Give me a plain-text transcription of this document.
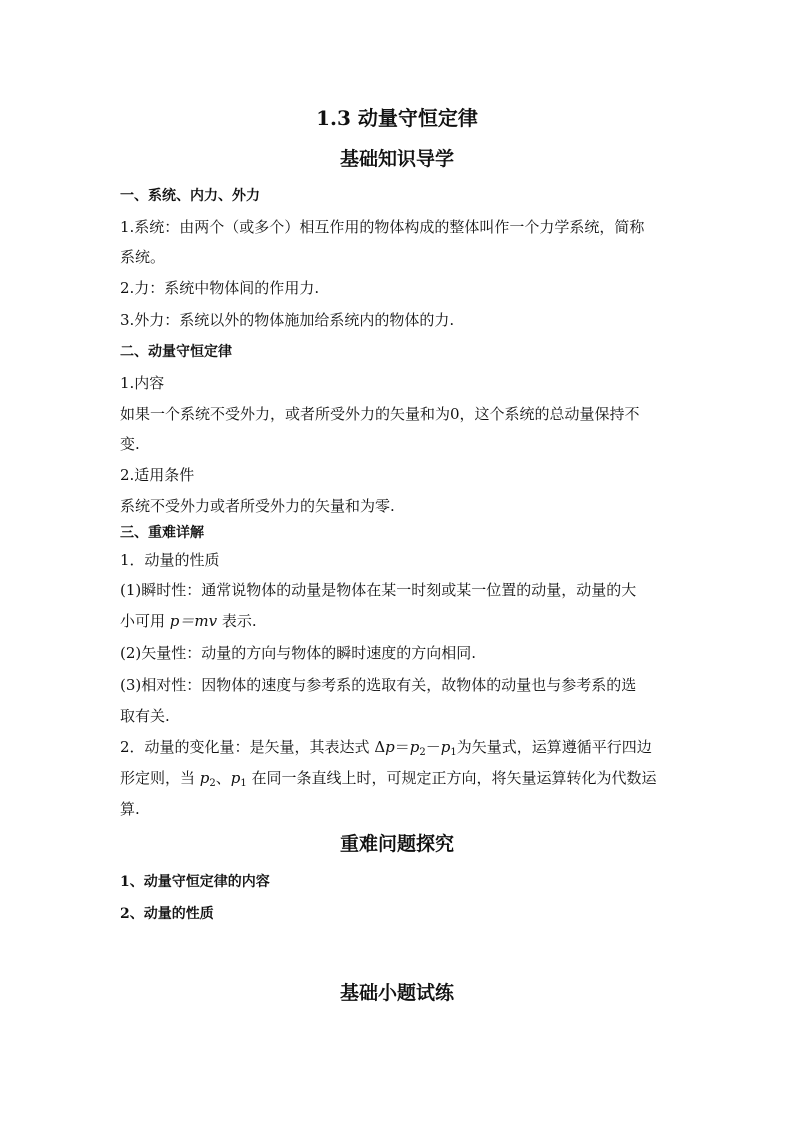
1.3 动量守恒定律
基础知识导学
一、系统、内力、外力
1.系统：由两个（或多个）相互作用的物体构成的整体叫作一个力学系统，简称
系统。
2.力：系统中物体间的作用力.
3.外力：系统以外的物体施加给系统内的物体的力.
二、动量守恒定律
1.内容
如果一个系统不受外力，或者所受外力的矢量和为0，这个系统的总动量保持不
变.
2.适用条件
系统不受外力或者所受外力的矢量和为零.
三、重难详解
1．动量的性质
(1)瞬时性：通常说物体的动量是物体在某一时刻或某一位置的动量，动量的大
小可用 p＝mv 表示.
(2)矢量性：动量的方向与物体的瞬时速度的方向相同.
(3)相对性：因物体的速度与参考系的选取有关，故物体的动量也与参考系的选
取有关.
2．动量的变化量：是矢量，其表达式 $\Delta p=p_2-p_1$为矢量式，运算遵循平行四边
形定则，当 $p_2$、$p_1$ 在同一条直线上时，可规定正方向，将矢量运算转化为代数运
算.
重难问题探究
1、动量守恒定律的内容
2、动量的性质
基础小题试练
